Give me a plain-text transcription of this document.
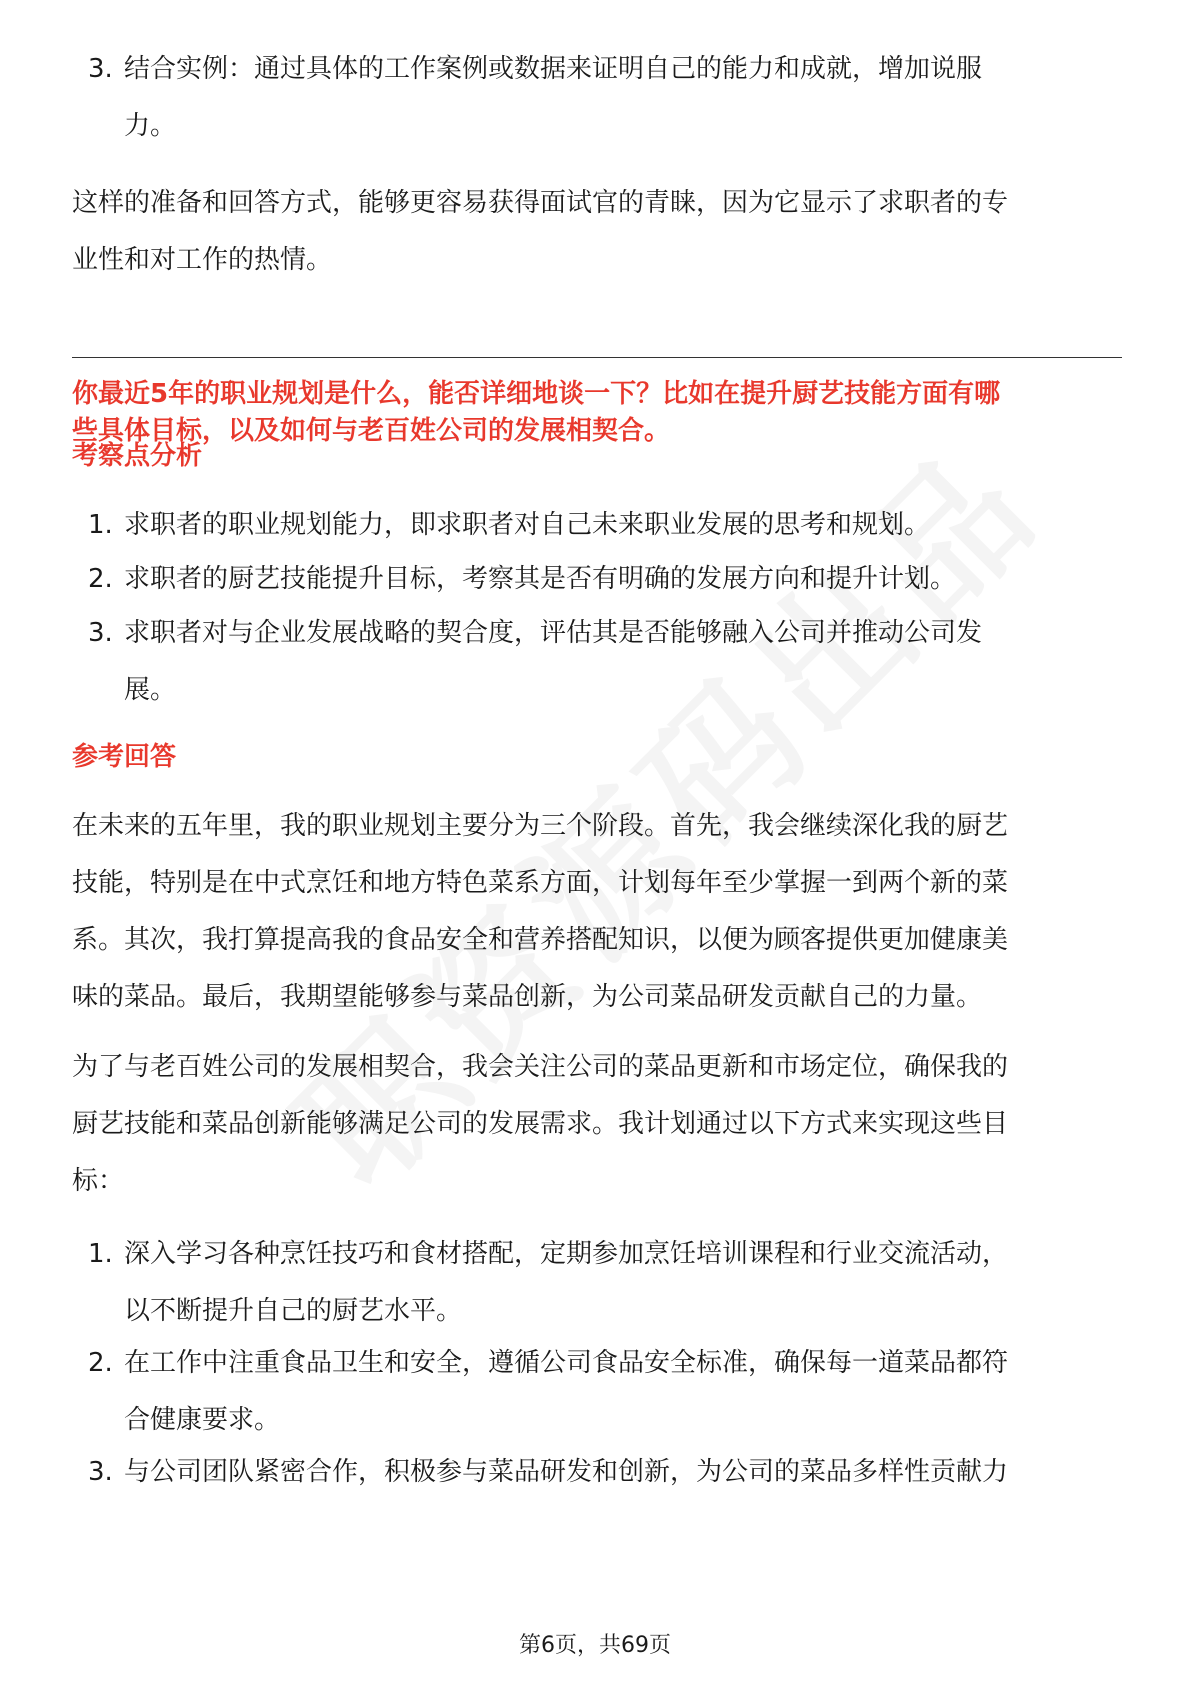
3. 结合实例：通过具体的工作案例或数据来证明自己的能力和成就，增加说服
力。

这样的准备和回答方式，能够更容易获得面试官的青睐，因为它显示了求职者的专
业性和对工作的热情。

你最近5年的职业规划是什么，能否详细地谈一下？比如在提升厨艺技能方面有哪
些具体目标，以及如何与老百姓公司的发展相契合。

考察点分析
1. 求职者的职业规划能力，即求职者对自己未来职业发展的思考和规划。
2. 求职者的厨艺技能提升目标，考察其是否有明确的发展方向和提升计划。
3. 求职者对与企业发展战略的契合度，评估其是否能够融入公司并推动公司发
展。
参考回答

在未来的五年里，我的职业规划主要分为三个阶段。首先，我会继续深化我的厨艺
技能，特别是在中式烹饪和地方特色菜系方面，计划每年至少掌握一到两个新的菜
系。其次，我打算提高我的食品安全和营养搭配知识，以便为顾客提供更加健康美
味的菜品。最后，我期望能够参与菜品创新，为公司菜品研发贡献自己的力量。

为了与老百姓公司的发展相契合，我会关注公司的菜品更新和市场定位，确保我的
厨艺技能和菜品创新能够满足公司的发展需求。我计划通过以下方式来实现这些目
标：

1. 深入学习各种烹饪技巧和食材搭配，定期参加烹饪培训课程和行业交流活动，
以不断提升自己的厨艺水平。
2. 在工作中注重食品卫生和安全，遵循公司食品安全标准，确保每一道菜品都符
合健康要求。
3. 与公司团队紧密合作，积极参与菜品研发和创新，为公司的菜品多样性贡献力
第6页，共69页
